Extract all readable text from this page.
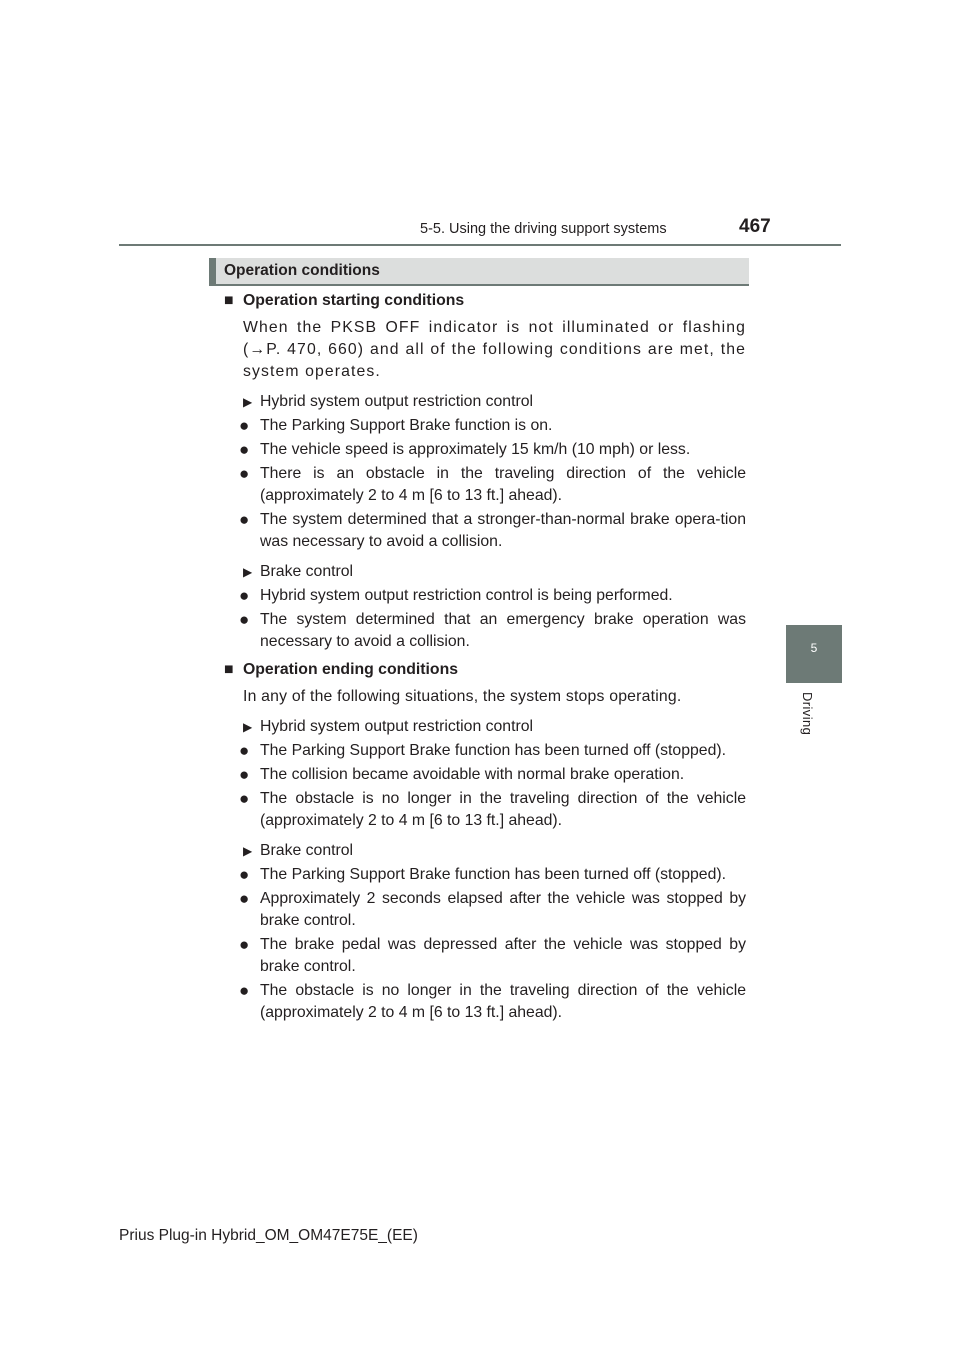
5-5. Using the driving support systems	467
5
Driving
Operation conditions
■ Operation starting conditions
When the PKSB OFF indicator is not illuminated or flashing (→P. 470, 660) and all of the following conditions are met, the system operates.
▶ Hybrid system output restriction control
● The Parking Support Brake function is on.
● The vehicle speed is approximately 15 km/h (10 mph) or less.
● There is an obstacle in the traveling direction of the vehicle (approximately 2 to 4 m [6 to 13 ft.] ahead).
● The system determined that a stronger-than-normal brake opera-tion was necessary to avoid a collision.
▶ Brake control
● Hybrid system output restriction control is being performed.
● The system determined that an emergency brake operation was necessary to avoid a collision.
■ Operation ending conditions
In any of the following situations, the system stops operating.
▶ Hybrid system output restriction control
● The Parking Support Brake function has been turned off (stopped).
● The collision became avoidable with normal brake operation.
● The obstacle is no longer in the traveling direction of the vehicle (approximately 2 to 4 m [6 to 13 ft.] ahead).
▶ Brake control
● The Parking Support Brake function has been turned off (stopped).
● Approximately 2 seconds elapsed after the vehicle was stopped by brake control.
● The brake pedal was depressed after the vehicle was stopped by brake control.
● The obstacle is no longer in the traveling direction of the vehicle (approximately 2 to 4 m [6 to 13 ft.] ahead).
Prius Plug-in Hybrid_OM_OM47E75E_(EE)
